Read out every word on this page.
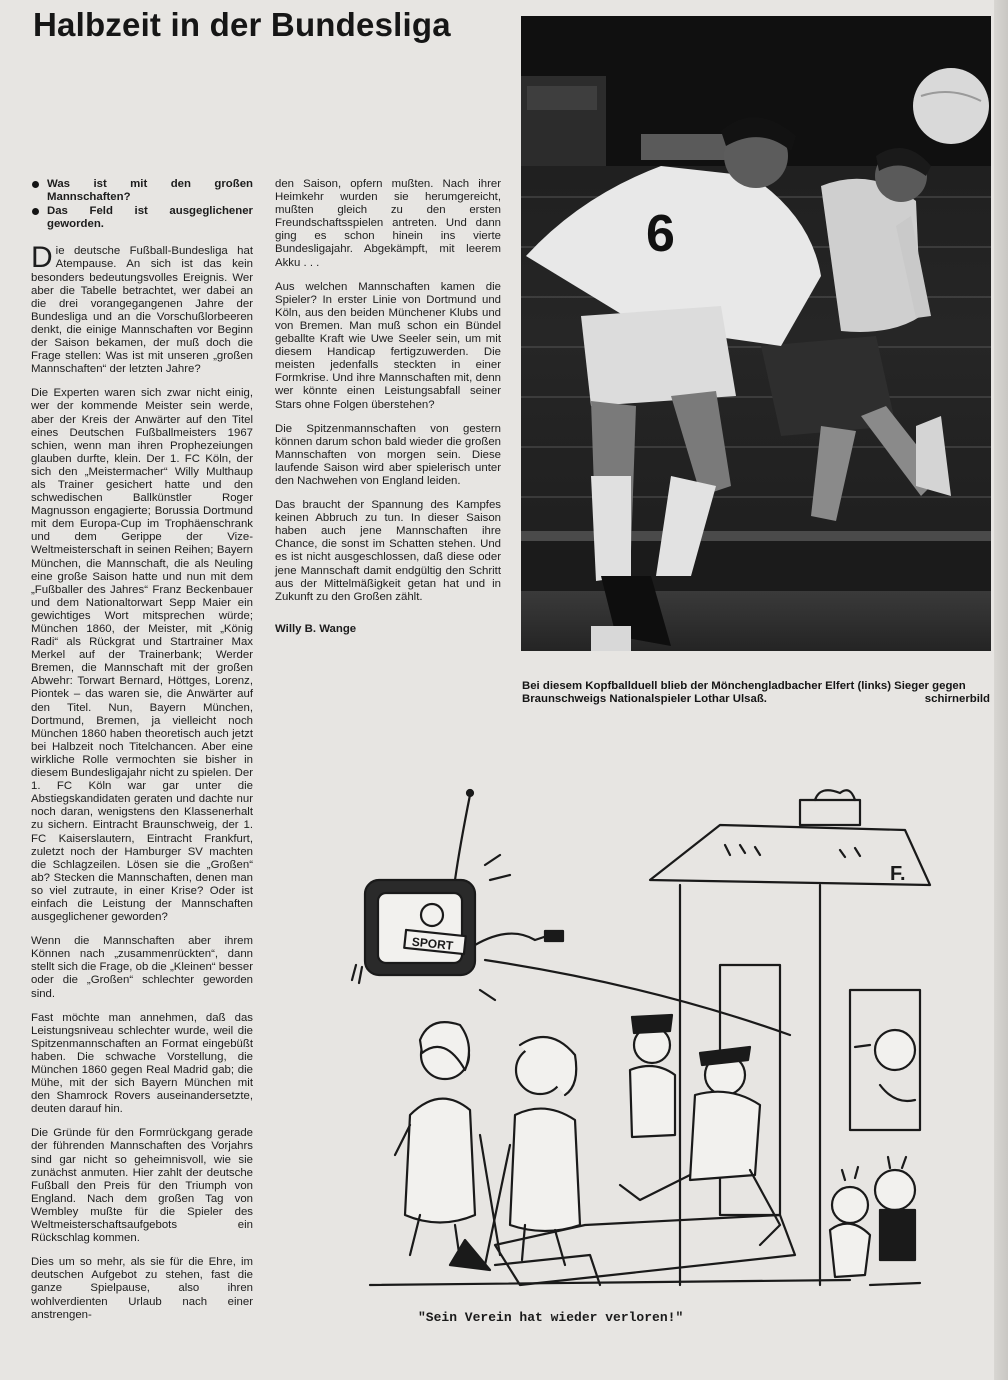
Halbzeit in der Bundesliga
Was ist mit den großen Mannschaften?
Das Feld ist ausgeglichener geworden.

Die deutsche Fußball-Bundesliga hat Atempause. An sich ist das kein besonders bedeutungsvolles Ereignis. Wer aber die Tabelle betrachtet, wer dabei an die drei vorangegangenen Jahre der Bundesliga und an die Vorschußlorbeeren denkt, die einige Mannschaften vor Beginn der Saison bekamen, der muß doch die Frage stellen: Was ist mit unseren „großen Mannschaften“ der letzten Jahre?

Die Experten waren sich zwar nicht einig, wer der kommende Meister sein werde, aber der Kreis der Anwärter auf den Titel eines Deutschen Fußballmeisters 1967 schien, wenn man ihren Prophezeiungen glauben durfte, klein. Der 1. FC Köln, der sich den „Meistermacher“ Willy Multhaup als Trainer gesichert hatte und den schwedischen Ballkünstler Roger Magnusson engagierte; Borussia Dortmund mit dem Europa-Cup im Trophäenschrank und dem Gerippe der Vize-Weltmeisterschaft in seinen Reihen; Bayern München, die Mannschaft, die als Neuling eine große Saison hatte und nun mit dem „Fußballer des Jahres“ Franz Beckenbauer und dem Nationaltorwart Sepp Maier ein gewichtiges Wort mitsprechen würde; München 1860, der Meister, mit „König Radi“ als Rückgrat und Startrainer Max Merkel auf der Trainerbank; Werder Bremen, die Mannschaft mit der großen Abwehr: Torwart Bernard, Höttges, Lorenz, Piontek – das waren sie, die Anwärter auf den Titel. Nun, Bayern München, Dortmund, Bremen, ja vielleicht noch München 1860 haben theoretisch auch jetzt bei Halbzeit noch Titelchancen. Aber eine wirkliche Rolle vermochten sie bisher in diesem Bundesligajahr nicht zu spielen. Der 1. FC Köln war gar unter die Abstiegskandidaten geraten und dachte nur noch daran, wenigstens den Klassenerhalt zu sichern. Eintracht Braunschweig, der 1. FC Kaiserslautern, Eintracht Frankfurt, zuletzt noch der Hamburger SV machten die Schlagzeilen. Lösen sie die „Großen“ ab? Stecken die Mannschaften, denen man so viel zutraute, in einer Krise? Oder ist einfach die Leistung der Mannschaften ausgeglichener geworden?

Wenn die Mannschaften aber ihrem Können nach „zusammenrückten“, dann stellt sich die Frage, ob die „Kleinen“ besser oder die „Großen“ schlechter geworden sind.

Fast möchte man annehmen, daß das Leistungsniveau schlechter wurde, weil die Spitzenmannschaften an Format eingebüßt haben. Die schwache Vorstellung, die München 1860 gegen Real Madrid gab; die Mühe, mit der sich Bayern München mit den Shamrock Rovers auseinandersetzte, deuten darauf hin.

Die Gründe für den Formrückgang gerade der führenden Mannschaften des Vorjahrs sind gar nicht so geheimnisvoll, wie sie zunächst anmuten. Hier zahlt der deutsche Fußball den Preis für den Triumph von England. Nach dem großen Tag von Wembley mußte für die Spieler des Weltmeisterschaftsaufgebots ein Rückschlag kommen.

Dies um so mehr, als sie für die Ehre, im deutschen Aufgebot zu stehen, fast die ganze Spielpause, also ihren wohlverdienten Urlaub nach einer anstrengen-

den Saison, opfern mußten. Nach ihrer Heimkehr wurden sie herumgereicht, mußten gleich zu den ersten Freundschaftsspielen antreten. Und dann ging es schon hinein ins vierte Bundesligajahr. Abgekämpft, mit leerem Akku . . .

Aus welchen Mannschaften kamen die Spieler? In erster Linie von Dortmund und Köln, aus den beiden Münchener Klubs und von Bremen. Man muß schon ein Bündel geballte Kraft wie Uwe Seeler sein, um mit diesem Handicap fertigzuwerden. Die meisten jedenfalls steckten in einer Formkrise. Und ihre Mannschaften mit, denn wer könnte einen Leistungsabfall seiner Stars ohne Folgen überstehen?

Die Spitzenmannschaften von gestern können darum schon bald wieder die großen Mannschaften von morgen sein. Diese laufende Saison wird aber spielerisch unter den Nachwehen von England leiden.

Das braucht der Spannung des Kampfes keinen Abbruch zu tun. In dieser Saison haben auch jene Mannschaften ihre Chance, die sonst im Schatten stehen. Und es ist nicht ausgeschlossen, daß diese oder jene Mannschaft damit endgültig den Schritt aus der Mittelmäßigkeit getan hat und in Zukunft zu den Großen zählt.

Willy B. Wange

6
Bei diesem Kopfballduell blieb der Mönchengladbacher Elfert (links) Sieger gegen Braunschweigs Nationalspieler Lothar Ulsaß.	schirnerbild
SPORT
F.
"Sein Verein hat wieder verloren!"
